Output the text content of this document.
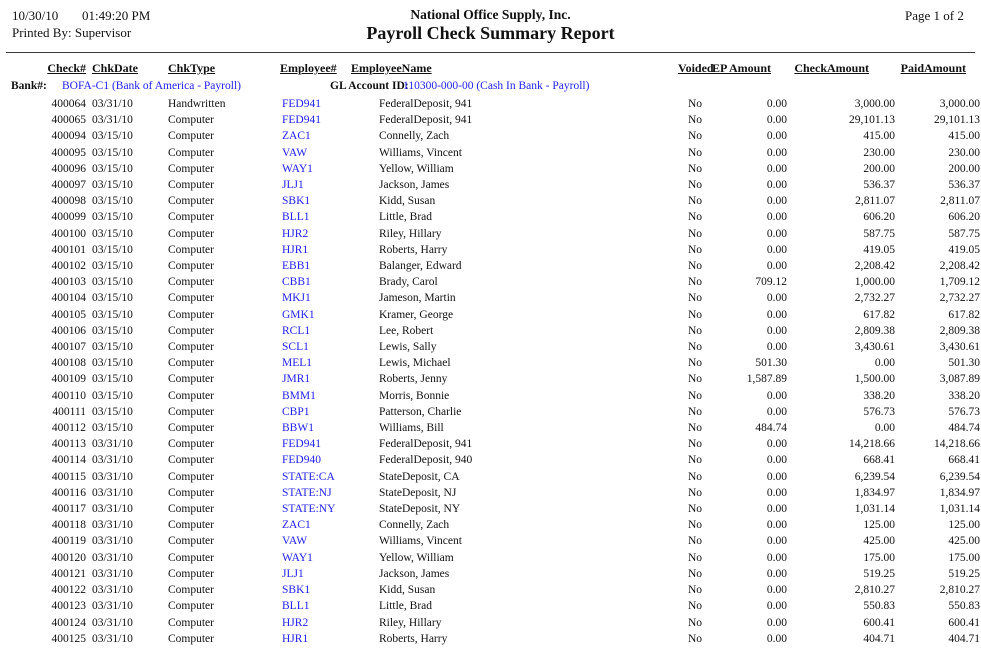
10/30/10 01:49:20 PM
Printed By: Supervisor
National Office Supply, Inc.
Payroll Check Summary Report
Page 1 of 2
Check#	ChkDate	ChkType	Employee#	EmployeeName	Voided	EP Amount	CheckAmount	PaidAmount

Bank#: BOFA-C1 (Bank of America - Payroll) GL Account ID:
110300-000-00 (Cash In Bank - Payroll)								

400064	03/31/10	Handwritten	FED941	FederalDeposit, 941	No	0.00	3,000.00	3,000.00
400065	03/31/10	Computer	FED941	FederalDeposit, 941	No	0.00	29,101.13	29,101.13
400094	03/15/10	Computer	ZAC1	Connelly, Zach	No	0.00	415.00	415.00
400095	03/15/10	Computer	VAW	Williams, Vincent	No	0.00	230.00	230.00
400096	03/15/10	Computer	WAY1	Yellow, William	No	0.00	200.00	200.00
400097	03/15/10	Computer	JLJ1	Jackson, James	No	0.00	536.37	536.37
400098	03/15/10	Computer	SBK1	Kidd, Susan	No	0.00	2,811.07	2,811.07
400099	03/15/10	Computer	BLL1	Little, Brad	No	0.00	606.20	606.20
400100	03/15/10	Computer	HJR2	Riley, Hillary	No	0.00	587.75	587.75
400101	03/15/10	Computer	HJR1	Roberts, Harry	No	0.00	419.05	419.05
400102	03/15/10	Computer	EBB1	Balanger, Edward	No	0.00	2,208.42	2,208.42
400103	03/15/10	Computer	CBB1	Brady, Carol	No	709.12	1,000.00	1,709.12
400104	03/15/10	Computer	MKJ1	Jameson, Martin	No	0.00	2,732.27	2,732.27
400105	03/15/10	Computer	GMK1	Kramer, George	No	0.00	617.82	617.82
400106	03/15/10	Computer	RCL1	Lee, Robert	No	0.00	2,809.38	2,809.38
400107	03/15/10	Computer	SCL1	Lewis, Sally	No	0.00	3,430.61	3,430.61
400108	03/15/10	Computer	MEL1	Lewis, Michael	No	501.30	0.00	501.30
400109	03/15/10	Computer	JMR1	Roberts, Jenny	No	1,587.89	1,500.00	3,087.89
400110	03/15/10	Computer	BMM1	Morris, Bonnie	No	0.00	338.20	338.20
400111	03/15/10	Computer	CBP1	Patterson, Charlie	No	0.00	576.73	576.73
400112	03/15/10	Computer	BBW1	Williams, Bill	No	484.74	0.00	484.74
400113	03/31/10	Computer	FED941	FederalDeposit, 941	No	0.00	14,218.66	14,218.66
400114	03/31/10	Computer	FED940	FederalDeposit, 940	No	0.00	668.41	668.41
400115	03/31/10	Computer	STATE:CA	StateDeposit, CA	No	0.00	6,239.54	6,239.54
400116	03/31/10	Computer	STATE:NJ	StateDeposit, NJ	No	0.00	1,834.97	1,834.97
400117	03/31/10	Computer	STATE:NY	StateDeposit, NY	No	0.00	1,031.14	1,031.14
400118	03/31/10	Computer	ZAC1	Connelly, Zach	No	0.00	125.00	125.00
400119	03/31/10	Computer	VAW	Williams, Vincent	No	0.00	425.00	425.00
400120	03/31/10	Computer	WAY1	Yellow, William	No	0.00	175.00	175.00
400121	03/31/10	Computer	JLJ1	Jackson, James	No	0.00	519.25	519.25
400122	03/31/10	Computer	SBK1	Kidd, Susan	No	0.00	2,810.27	2,810.27
400123	03/31/10	Computer	BLL1	Little, Brad	No	0.00	550.83	550.83
400124	03/31/10	Computer	HJR2	Riley, Hillary	No	0.00	600.41	600.41
400125	03/31/10	Computer	HJR1	Roberts, Harry	No	0.00	404.71	404.71
